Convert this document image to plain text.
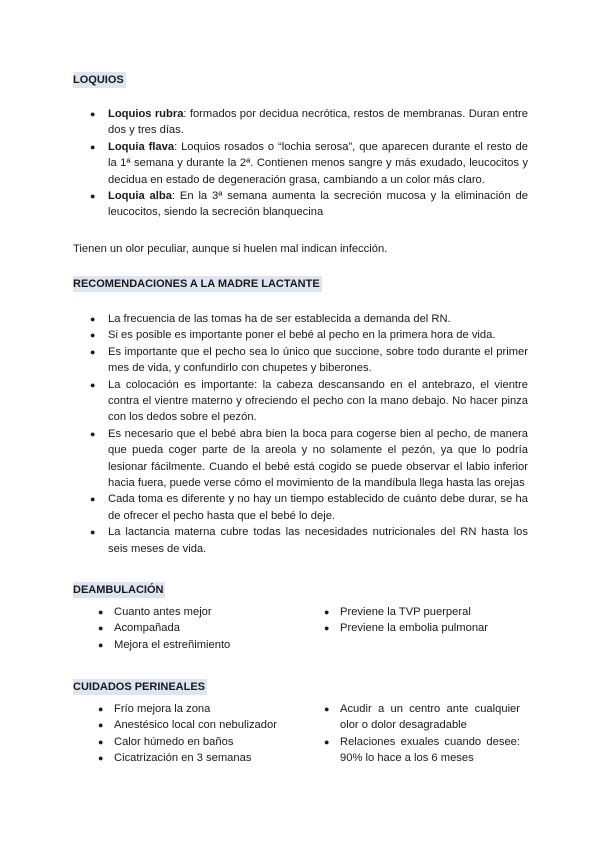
LOQUIOS
● Loquios rubra: formados por decidua necrótica, restos de membranas. Duran entre dos y tres días.
● Loquia flava: Loquios rosados o “lochia serosa”, que aparecen durante el resto de la 1ª semana y durante la 2ª. Contienen menos sangre y más exudado, leucocitos y decidua en estado de degeneración grasa, cambiando a un color más claro.
● Loquia alba: En la 3ª semana aumenta la secreción mucosa y la eliminación de leucocitos, siendo la secreción blanquecina

Tienen un olor peculiar, aunque si huelen mal indican infección.

RECOMENDACIONES A LA MADRE LACTANTE
● La frecuencia de las tomas ha de ser establecida a demanda del RN.
● Si es posible es importante poner el bebé al pecho en la primera hora de vida.
● Es importante que el pecho sea lo único que succione, sobre todo durante el primer mes de vida, y confundirlo con chupetes y biberones.
● La colocación es importante: la cabeza descansando en el antebrazo, el vientre contra el vientre materno y ofreciendo el pecho con la mano debajo. No hacer pinza con los dedos sobre el pezón.
● Es necesario que el bebé abra bien la boca para cogerse bien al pecho, de manera que pueda coger parte de la areola y no solamente el pezón, ya que lo podría lesionar fácilmente. Cuando el bebé está cogido se puede observar el labio inferior hacia fuera, puede verse cómo el movimiento de la mandíbula llega hasta las orejas
● Cada toma es diferente y no hay un tiempo establecido de cuánto debe durar, se ha de ofrecer el pecho hasta que el bebé lo deje.
● La lactancia materna cubre todas las necesidades nutricionales del RN hasta los seis meses de vida.
DEAMBULACIÓN
● Cuanto antes mejor
● Acompañada
● Mejora el estreñimiento
● Previene la TVP puerperal
● Previene la embolia pulmonar
CUIDADOS PERINEALES
● Frío mejora la zona
● Anestésico local con nebulizador
● Calor húmedo en baños
● Cicatrización en 3 semanas
● Acudir a un centro ante cualquier olor o dolor desagradable
● Relaciones exuales cuando desee: 90% lo hace a los 6 meses
